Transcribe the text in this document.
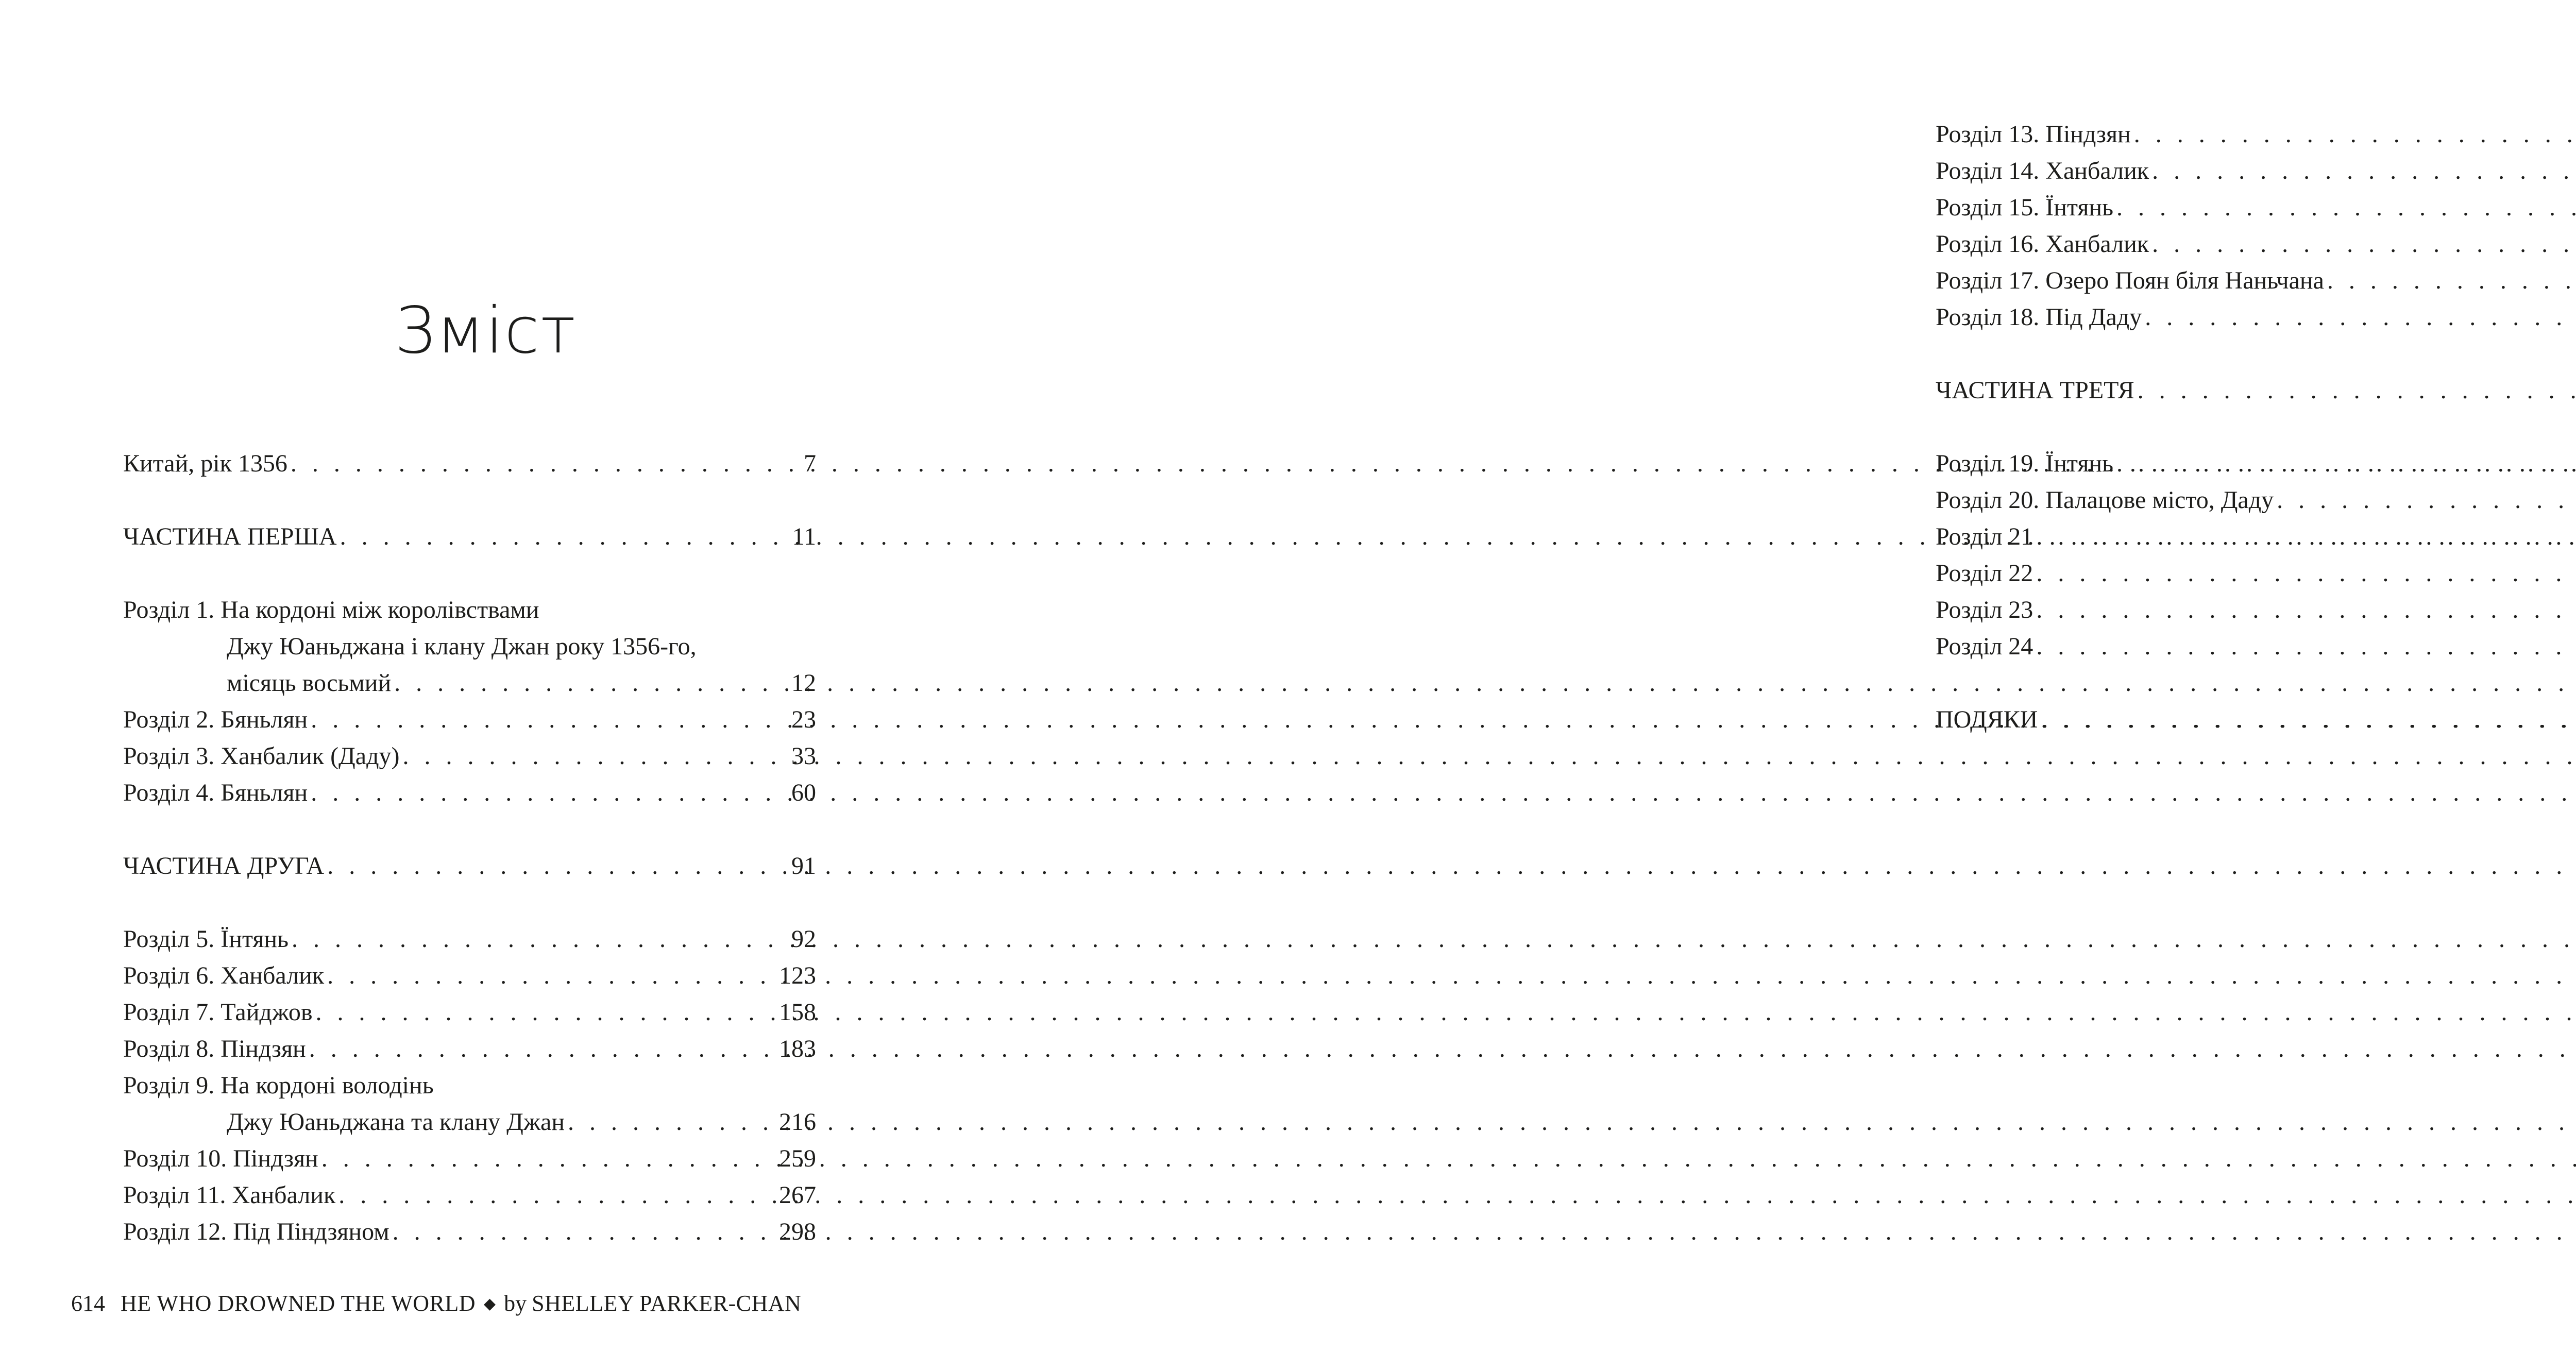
Зміст
Китай, рік 1356 . . .	7
ЧАСТИНА ПЕРША . . .	11
Розділ 1. На кордоні між королівствами
Джу Юаньджана і клану Джан року 1356-го,
місяць восьмий . . .	12
Розділ 2. Бяньлян . . .	23
Розділ 3. Ханбалик (Даду) . . .	33
Розділ 4. Бяньлян . . .	60
ЧАСТИНА ДРУГА . . .	91
Розділ 5. Їнтянь . . .	92
Розділ 6. Ханбалик . . .	123
Розділ 7. Тайджов . . .	158
Розділ 8. Піндзян . . .	183
Розділ 9. На кордоні володінь
Джу Юаньджана та клану Джан . . .	216
Розділ 10. Піндзян . . .	259
Розділ 11. Ханбалик . . .	267
Розділ 12. Під Піндзяном . . .	298
614 HE WHO DROWNED THE WORLD ◆ by SHELLEY PARKER-CHAN
Розділ 13. Піндзян
. . .
Розділ 14. Ханбалик
. . .
Розділ 15. Їнтянь
. . .
Розділ 16. Ханбалик
. . .
Розділ 17. Озеро Поян біля Наньчана
. . .
Розділ 18. Під Даду
. . .
ЧАСТИНА ТРЕТЯ
. . .
Розділ 19. Їнтянь
. . .
Розділ 20. Палацове місто, Даду
. . .
Розділ 21
. . .
Розділ 22
. . .
Розділ 23
. . .
Розділ 24
. . .
ПОДЯКИ
. . .
